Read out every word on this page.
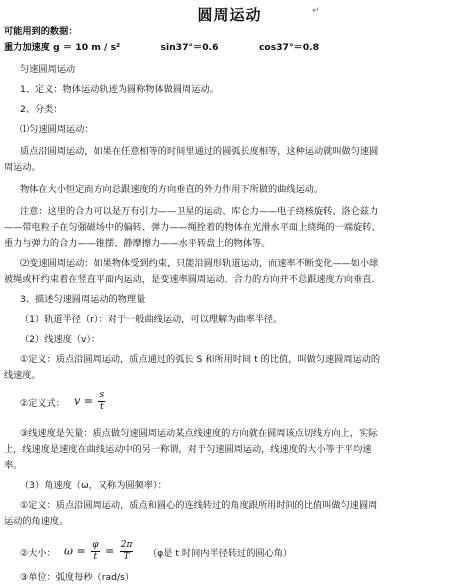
圆周运动	↵
可能用到的数据：
重力加速度 g ＝ 10 m / s²	sin37°＝0.6	cos37°＝0.8
匀速圆周运动
1、定义：物体运动轨迹为圆称物体做圆周运动。
2、分类：
⑴匀速圆周运动：
质点沿圆周运动，如果在任意相等的时间里通过的圆弧长度相等，这种运动就叫做匀速圆
周运动。
物体在大小恒定而方向总跟速度的方向垂直的外力作用下所做的曲线运动。
注意：这里的合力可以是万有引力——卫星的运动、库仑力——电子绕核旋转、洛仑兹力
——带电粒子在匀强磁场中的偏转、弹力——绳拴着的物体在光滑水平面上绕绳的一端旋转、
重力与弹力的合力——锥摆、静摩擦力——水平转盘上的物体等。
⑵变速圆周运动：如果物体受到约束，只能沿圆形轨道运动，而速率不断变化——如小球
被绳或杆约束着在竖直平面内运动，是变速率圆周运动．合力的方向并不总跟速度方向垂直．
3、描述匀速圆周运动的物理量
（1）轨道半径（r）：对于一般曲线运动，可以理解为曲率半径。
（2）线速度（v）：
①定义：质点沿圆周运动，质点通过的弧长 S 和所用时间 t 的比值，叫做匀速圆周运动的
线速度。
②定义式： $v = \frac{s}{t}$
③线速度是矢量：质点做匀速圆周运动某点线速度的方向就在圆周该点切线方向上，实际
上，线速度是速度在曲线运动中的另一称谓，对于匀速圆周运动，线速度的大小等于平均速
率。
（3）角速度（ω，又称为圆频率）：
①定义：质点沿圆周运动，质点和圆心的连线转过的角度跟所用时间的比值叫做匀速圆周
运动的角速度。
②大小： $\omega = \frac{\varphi}{t} = \frac{2\pi}{T} (\varphi$是 t 时间内半径转过的圆心角）
③单位：弧度每秒（rad/s）
